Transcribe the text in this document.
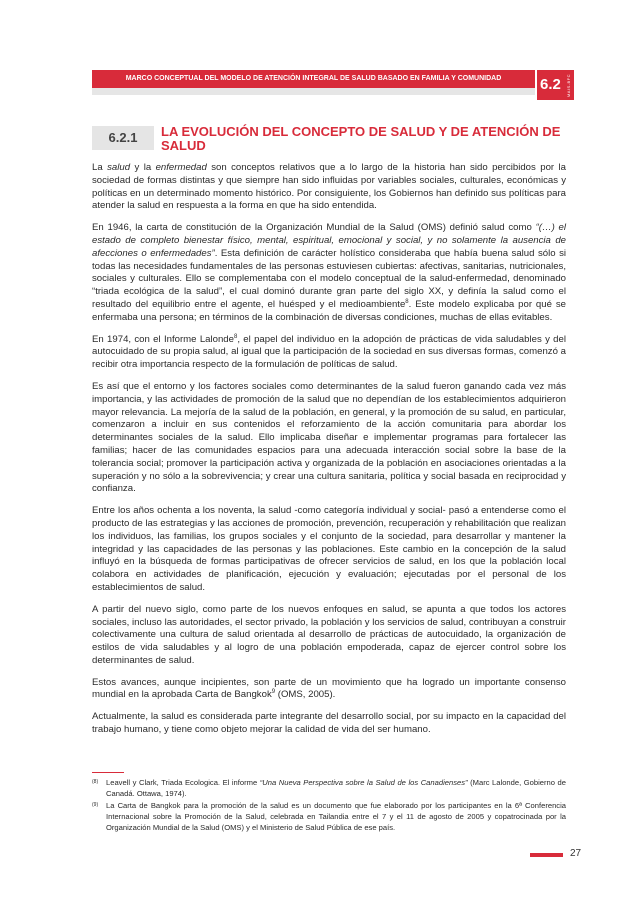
MARCO CONCEPTUAL DEL MODELO DE ATENCIÓN INTEGRAL DE SALUD BASADO EN FAMILIA Y COMUNIDAD	6.2 MAIS-BFC
6.2.1	LA EVOLUCIÓN DEL CONCEPTO DE SALUD Y DE ATENCIÓN DE SALUD

La salud y la enfermedad son conceptos relativos que a lo largo de la historia han sido percibidos por la sociedad de formas distintas y que siempre han sido influidas por variables sociales, culturales, económicas y políticas en un determinado momento histórico. Por consiguiente, los Gobiernos han definido sus políticas para atender la salud en respuesta a la forma en que ha sido entendida.

En 1946, la carta de constitución de la Organización Mundial de la Salud (OMS) definió salud como “(…) el estado de completo bienestar físico, mental, espiritual, emocional y social, y no solamente la ausencia de afecciones o enfermedades”. Esta definición de carácter holístico consideraba que había buena salud sólo si todas las necesidades fundamentales de las personas estuviesen cubiertas: afectivas, sanitarias, nutricionales, sociales y culturales. Ello se complementaba con el modelo conceptual de la salud-enfermedad, denominado “triada ecológica de la salud”, el cual dominó durante gran parte del siglo XX, y definía la salud como el resultado del equilibrio entre el agente, el huésped y el medioambiente$^8$. Este modelo explicaba por qué se enfermaba una persona; en términos de la combinación de diversas condiciones, muchas de ellas evitables.

En 1974, con el Informe Lalonde$^8$, el papel del individuo en la adopción de prácticas de vida saludables y del autocuidado de su propia salud, al igual que la participación de la sociedad en sus diversas formas, comenzó a recibir otra importancia respecto de la formulación de políticas de salud.

Es así que el entorno y los factores sociales como determinantes de la salud fueron ganando cada vez más importancia, y las actividades de promoción de la salud que no dependían de los establecimientos adquirieron mayor relevancia. La mejoría de la salud de la población, en general, y la promoción de su salud, en particular, comenzaron a incluir en sus contenidos el reforzamiento de la acción comunitaria para abordar los determinantes sociales de la salud. Ello implicaba diseñar e implementar programas para fortalecer las familias; hacer de las comunidades espacios para una adecuada interacción social sobre la base de la tolerancia social; promover la participación activa y organizada de la población en asociaciones orientadas a la superación y no sólo a la sobrevivencia; y crear una cultura sanitaria, política y social basada en reciprocidad y confianza.

Entre los años ochenta a los noventa, la salud -como categoría individual y social- pasó a entenderse como el producto de las estrategias y las acciones de promoción, prevención, recuperación y rehabilitación que realizan los individuos, las familias, los grupos sociales y el conjunto de la sociedad, para desarrollar y mantener la integridad y las capacidades de las personas y las poblaciones. Este cambio en la concepción de la salud influyó en la búsqueda de formas participativas de ofrecer servicios de salud, en los que la población local colabora en actividades de planificación, ejecución y evaluación; ejecutadas por el personal de los establecimientos de salud.

A partir del nuevo siglo, como parte de los nuevos enfoques en salud, se apunta a que todos los actores sociales, incluso las autoridades, el sector privado, la población y los servicios de salud, contribuyan a construir colectivamente una cultura de salud orientada al desarrollo de prácticas de autocuidado, la organización de estilos de vida saludables y al logro de una población empoderada, capaz de ejercer control sobre los determinantes de salud.

Estos avances, aunque incipientes, son parte de un movimiento que ha logrado un importante consenso mundial en la aprobada Carta de Bangkok$^9$ (OMS, 2005).

Actualmente, la salud es considerada parte integrante del desarrollo social, por su impacto en la capacidad del trabajo humano, y tiene como objeto mejorar la calidad de vida del ser humano.

(8) Leavell y Clark, Triada Ecologica. El informe “Una Nueva Perspectiva sobre la Salud de los Canadienses” (Marc Lalonde, Gobierno de Canadá. Ottawa, 1974).
(9) La Carta de Bangkok para la promoción de la salud es un documento que fue elaborado por los participantes en la 6ª Conferencia Internacional sobre la Promoción de la Salud, celebrada en Tailandia entre el 7 y el 11 de agosto de 2005 y copatrocinada por la Organización Mundial de la Salud (OMS) y el Ministerio de Salud Pública de ese país.
27
